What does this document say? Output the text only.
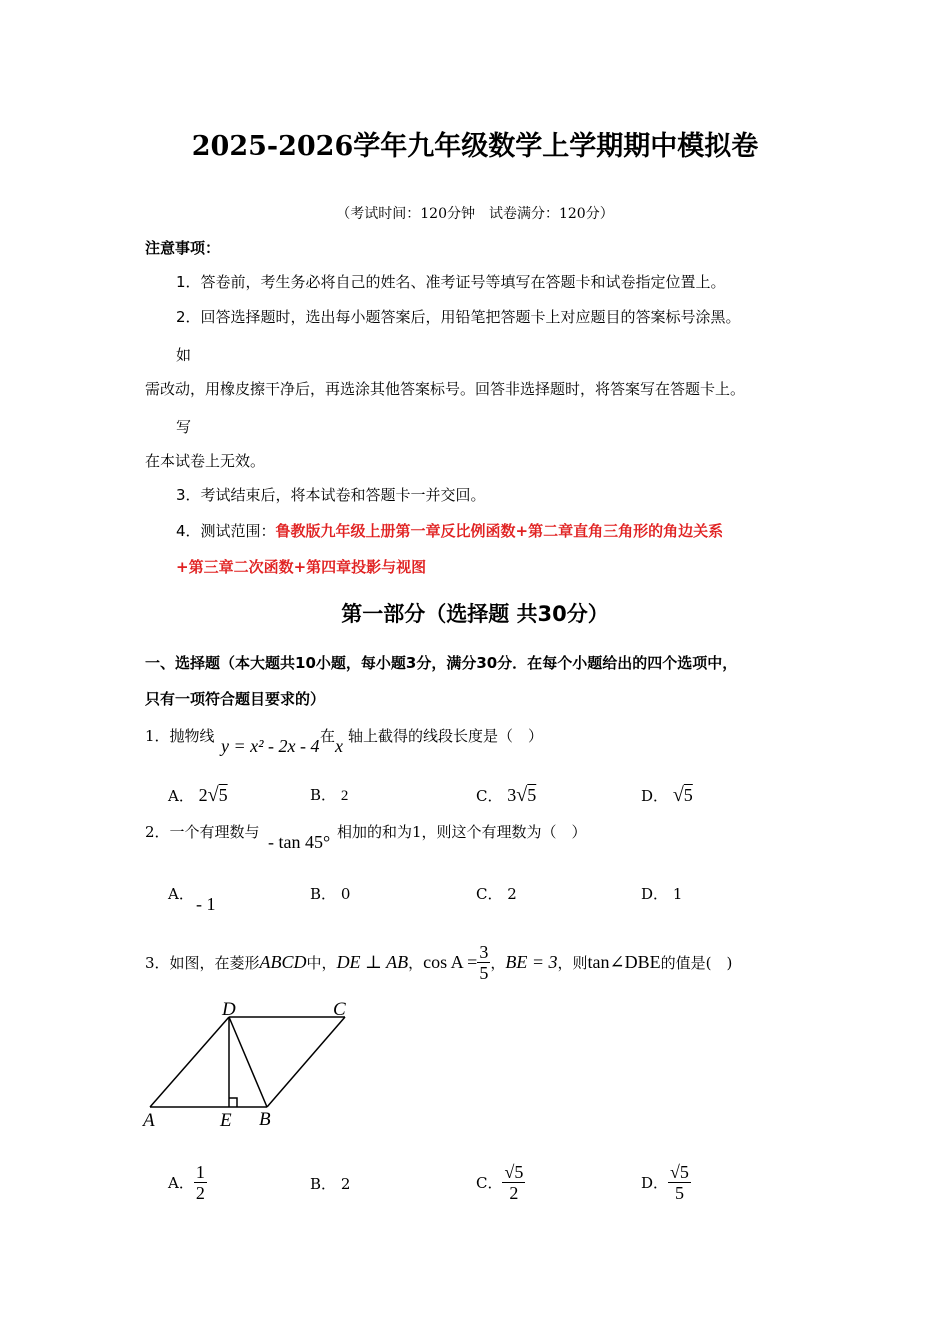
2025-2026学年九年级数学上学期期中模拟卷
（考试时间：120分钟　试卷满分：120分）
注意事项：
1．答卷前，考生务必将自己的姓名、准考证号等填写在答题卡和试卷指定位置上。
2．回答选择题时，选出每小题答案后，用铅笔把答题卡上对应题目的答案标号涂黑。
如
需改动，用橡皮擦干净后，再选涂其他答案标号。回答非选择题时，将答案写在答题卡上。
写
在本试卷上无效。
3．考试结束后，将本试卷和答题卡一并交回。
4．测试范围：鲁教版九年级上册第一章反比例函数+第二章直角三角形的角边关系
+第三章二次函数+第四章投影与视图
第一部分（选择题 共30分）
一、选择题（本大题共10小题，每小题3分，满分30分．在每个小题给出的四个选项中，
只有一项符合题目要求的）
1．抛物线 y = x² - 2x - 4 在 x 轴上截得的线段长度是（　）
A． 2√5	B． 2	C． 3√5	D． √5
2．一个有理数与 - tan 45° 相加的和为1，则这个有理数为（　）
A． - 1	B． 0	C． 2	D． 1
3．如图，在菱形 ABCD 中， DE ⊥ AB ， $\cos A = \frac{3}{5}$ ， BE = 3 ，则 tan∠DBE 的值是(　)
A	B
C
D
E
A． $\frac{1}{2}$	B． 2	C． $\frac{√5}{2}$	D． $\frac{√5}{5}$
